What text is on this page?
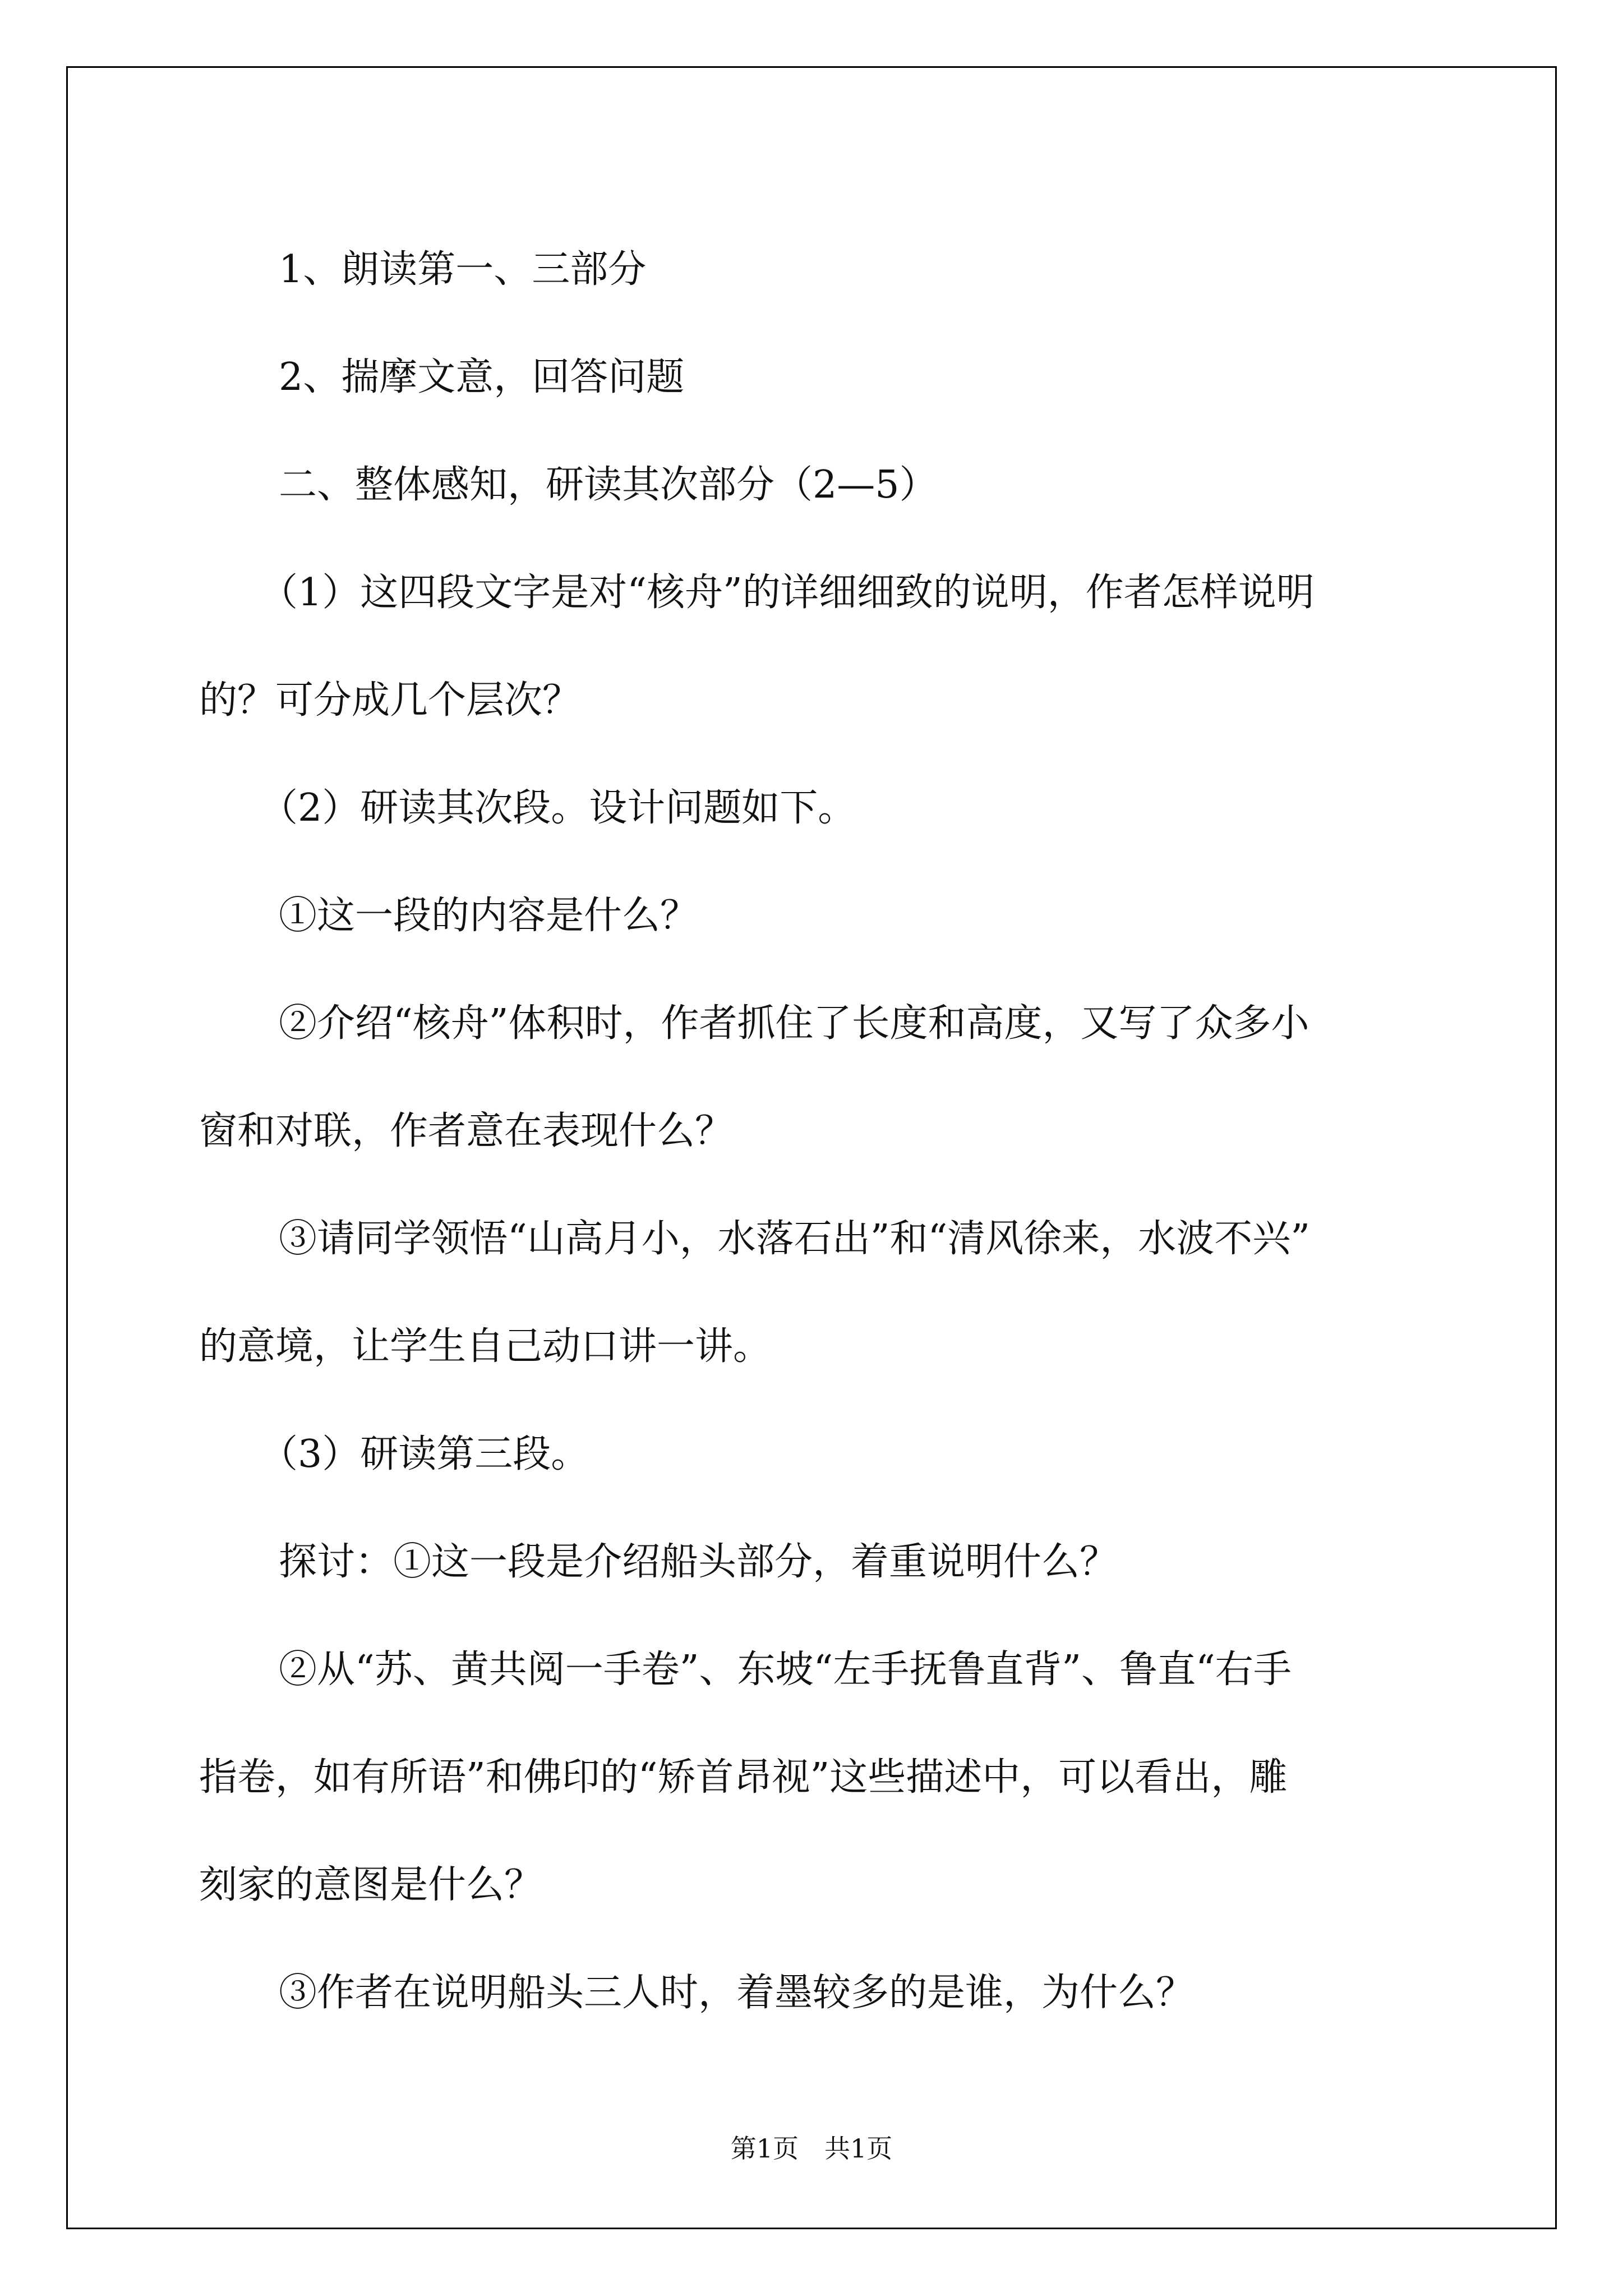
1、朗读第一、三部分

2、揣摩文意，回答问题

二、整体感知，研读其次部分（2—5）

（1）这四段文字是对“核舟”的详细细致的说明，作者怎样说明

的？可分成几个层次？

（2）研读其次段。设计问题如下。

①这一段的内容是什么？

②介绍“核舟”体积时，作者抓住了长度和高度，又写了众多小

窗和对联，作者意在表现什么？

③请同学领悟“山高月小，水落石出”和“清风徐来，水波不兴”

的意境，让学生自己动口讲一讲。

（3）研读第三段。

探讨：①这一段是介绍船头部分，着重说明什么？

②从“苏、黄共阅一手卷”、东坡“左手抚鲁直背”、鲁直“右手

指卷，如有所语”和佛印的“矫首昂视”这些描述中，可以看出，雕

刻家的意图是什么？

③作者在说明船头三人时，着墨较多的是谁，为什么？

第1页　共1页
